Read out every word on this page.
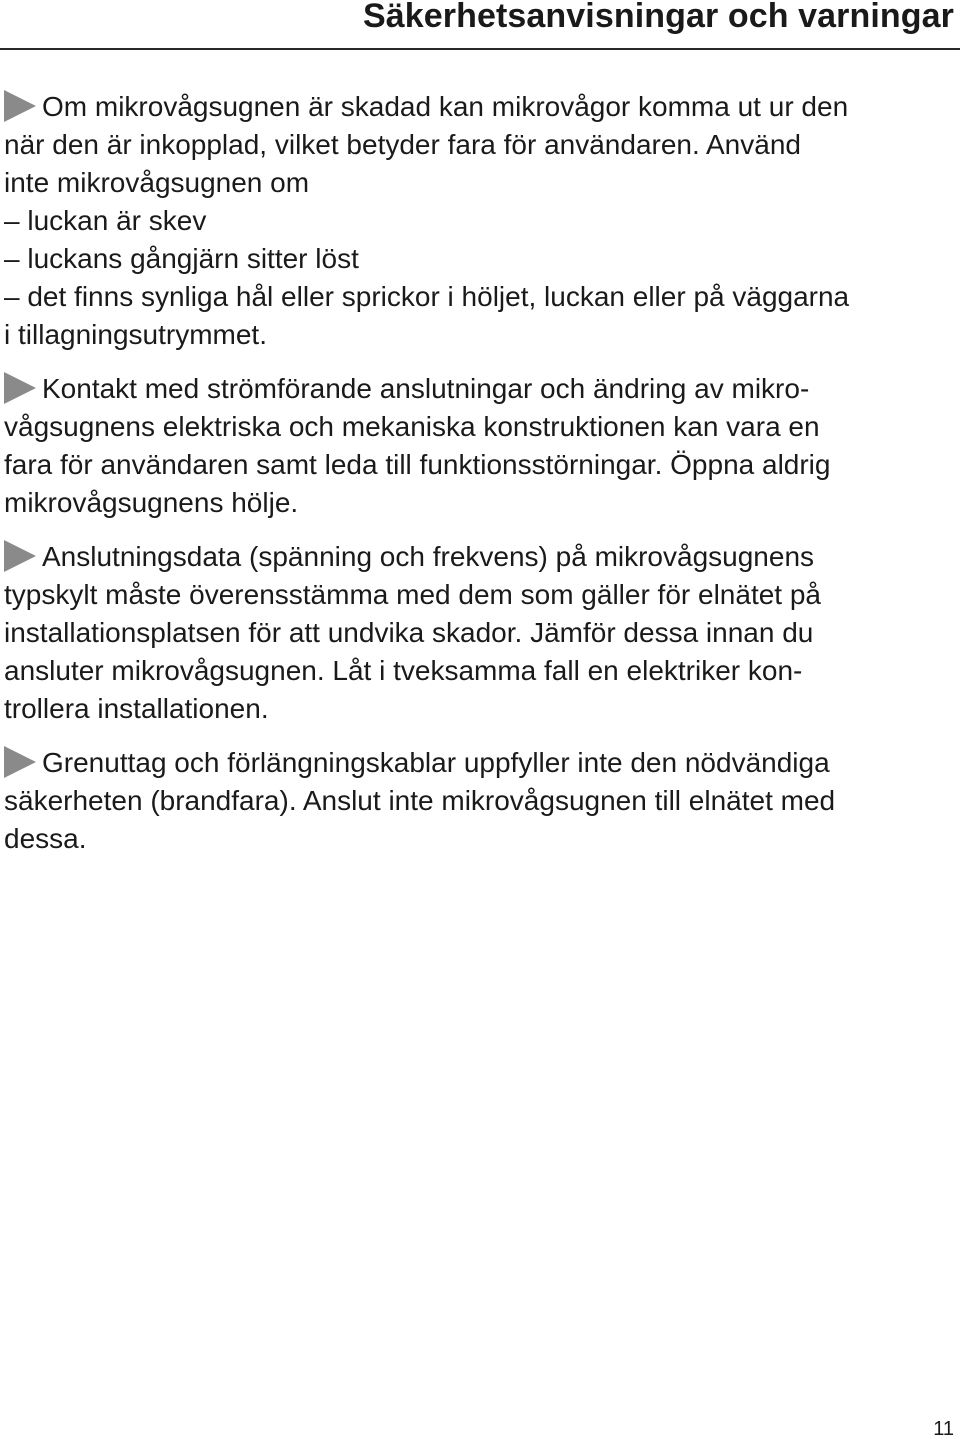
Säkerhetsanvisningar och varningar

Om mikrovågsugnen är skadad kan mikrovågor komma ut ur den
när den är inkopplad, vilket betyder fara för användaren. Använd
inte mikrovågsugnen om
– luckan är skev
– luckans gångjärn sitter löst
– det finns synliga hål eller sprickor i höljet, luckan eller på väggarna
i tillagningsutrymmet.

Kontakt med strömförande anslutningar och ändring av mikro-
vågsugnens elektriska och mekaniska konstruktionen kan vara en
fara för användaren samt leda till funktionsstörningar. Öppna aldrig
mikrovågsugnens hölje.

Anslutningsdata (spänning och frekvens) på mikrovågsugnens
typskylt måste överensstämma med dem som gäller för elnätet på
installationsplatsen för att undvika skador. Jämför dessa innan du
ansluter mikrovågsugnen. Låt i tveksamma fall en elektriker kon-
trollera installationen.

Grenuttag och förlängningskablar uppfyller inte den nödvändiga
säkerheten (brandfara). Anslut inte mikrovågsugnen till elnätet med
dessa.

11
